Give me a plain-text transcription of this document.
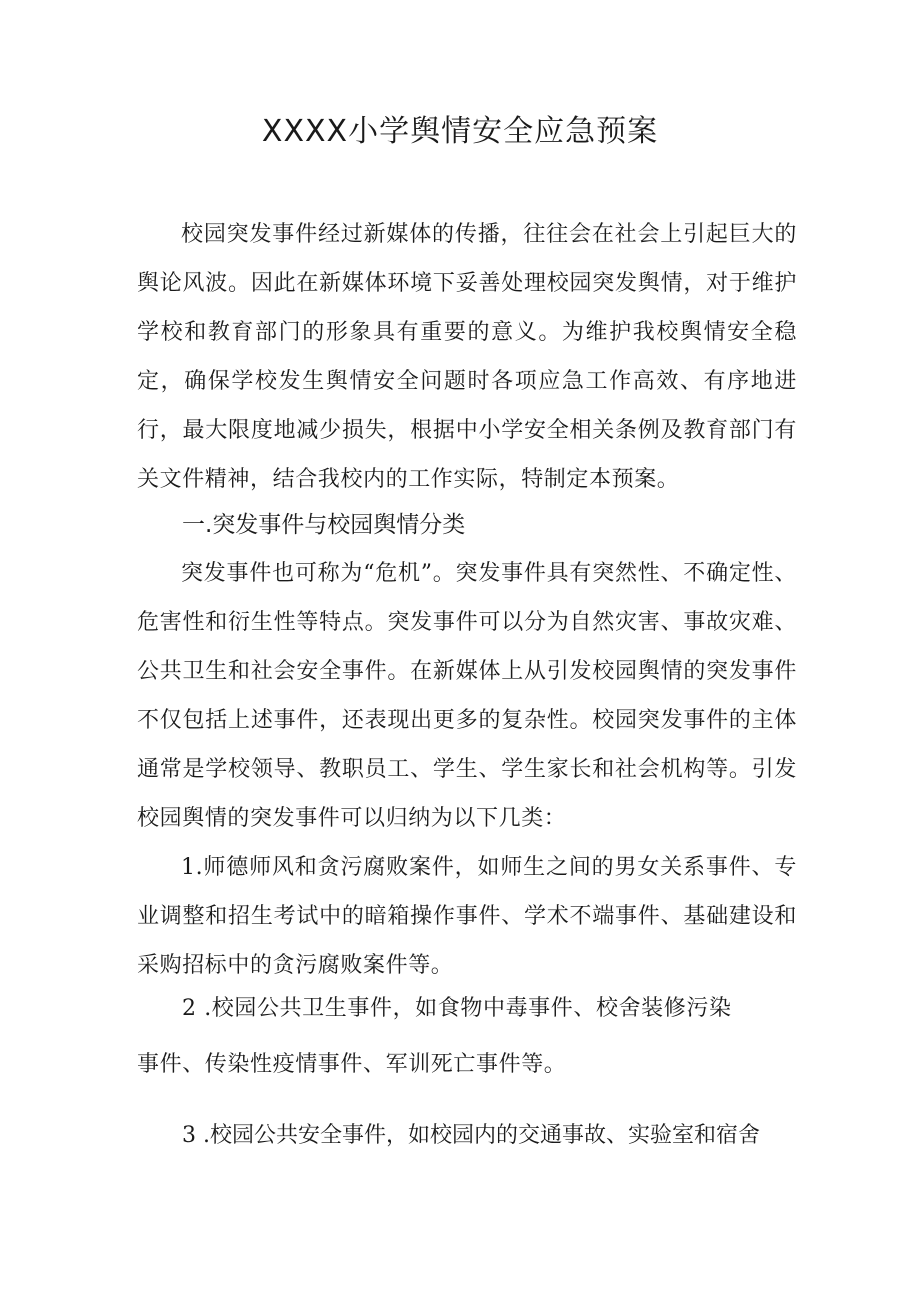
XXXX小学舆情安全应急预案

校园突发事件经过新媒体的传播，往往会在社会上引起巨大的舆论风波。因此在新媒体环境下妥善处理校园突发舆情，对于维护学校和教育部门的形象具有重要的意义。为维护我校舆情安全稳定，确保学校发生舆情安全问题时各项应急工作高效、有序地进行，最大限度地减少损失，根据中小学安全相关条例及教育部门有关文件精神，结合我校内的工作实际，特制定本预案。

一.突发事件与校园舆情分类

突发事件也可称为“危机”。突发事件具有突然性、不确定性、危害性和衍生性等特点。突发事件可以分为自然灾害、事故灾难、公共卫生和社会安全事件。在新媒体上从引发校园舆情的突发事件不仅包括上述事件，还表现出更多的复杂性。校园突发事件的主体通常是学校领导、教职员工、学生、学生家长和社会机构等。引发校园舆情的突发事件可以归纳为以下几类：

1.师德师风和贪污腐败案件，如师生之间的男女关系事件、专业调整和招生考试中的暗箱操作事件、学术不端事件、基础建设和采购招标中的贪污腐败案件等。

2 .校园公共卫生事件，如食物中毒事件、校舍装修污染

事件、传染性疫情事件、军训死亡事件等。

3 .校园公共安全事件，如校园内的交通事故、实验室和宿舍
